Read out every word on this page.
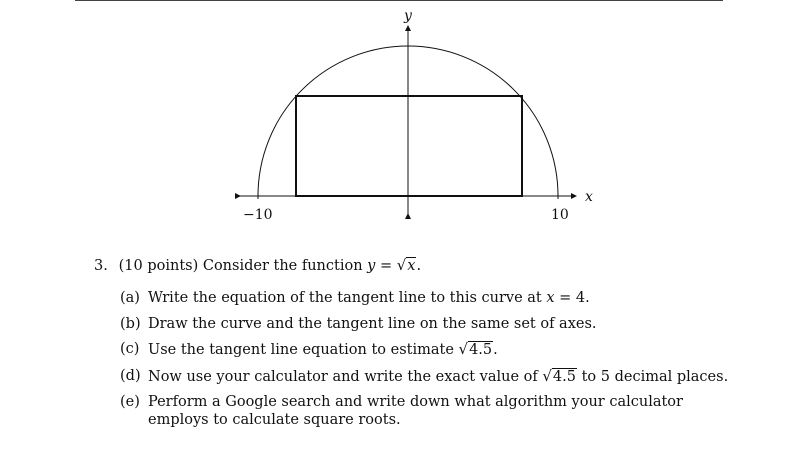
−10	10
x
y
3. (10 points) Consider the function y = √x.
(a) Write the equation of the tangent line to this curve at x = 4.
(b) Draw the curve and the tangent line on the same set of axes.
(c) Use the tangent line equation to estimate √4.5.
(d) Now use your calculator and write the exact value of √4.5 to 5 decimal places.
(e) Perform a Google search and write down what algorithm your calculator employs to calculate square roots.
